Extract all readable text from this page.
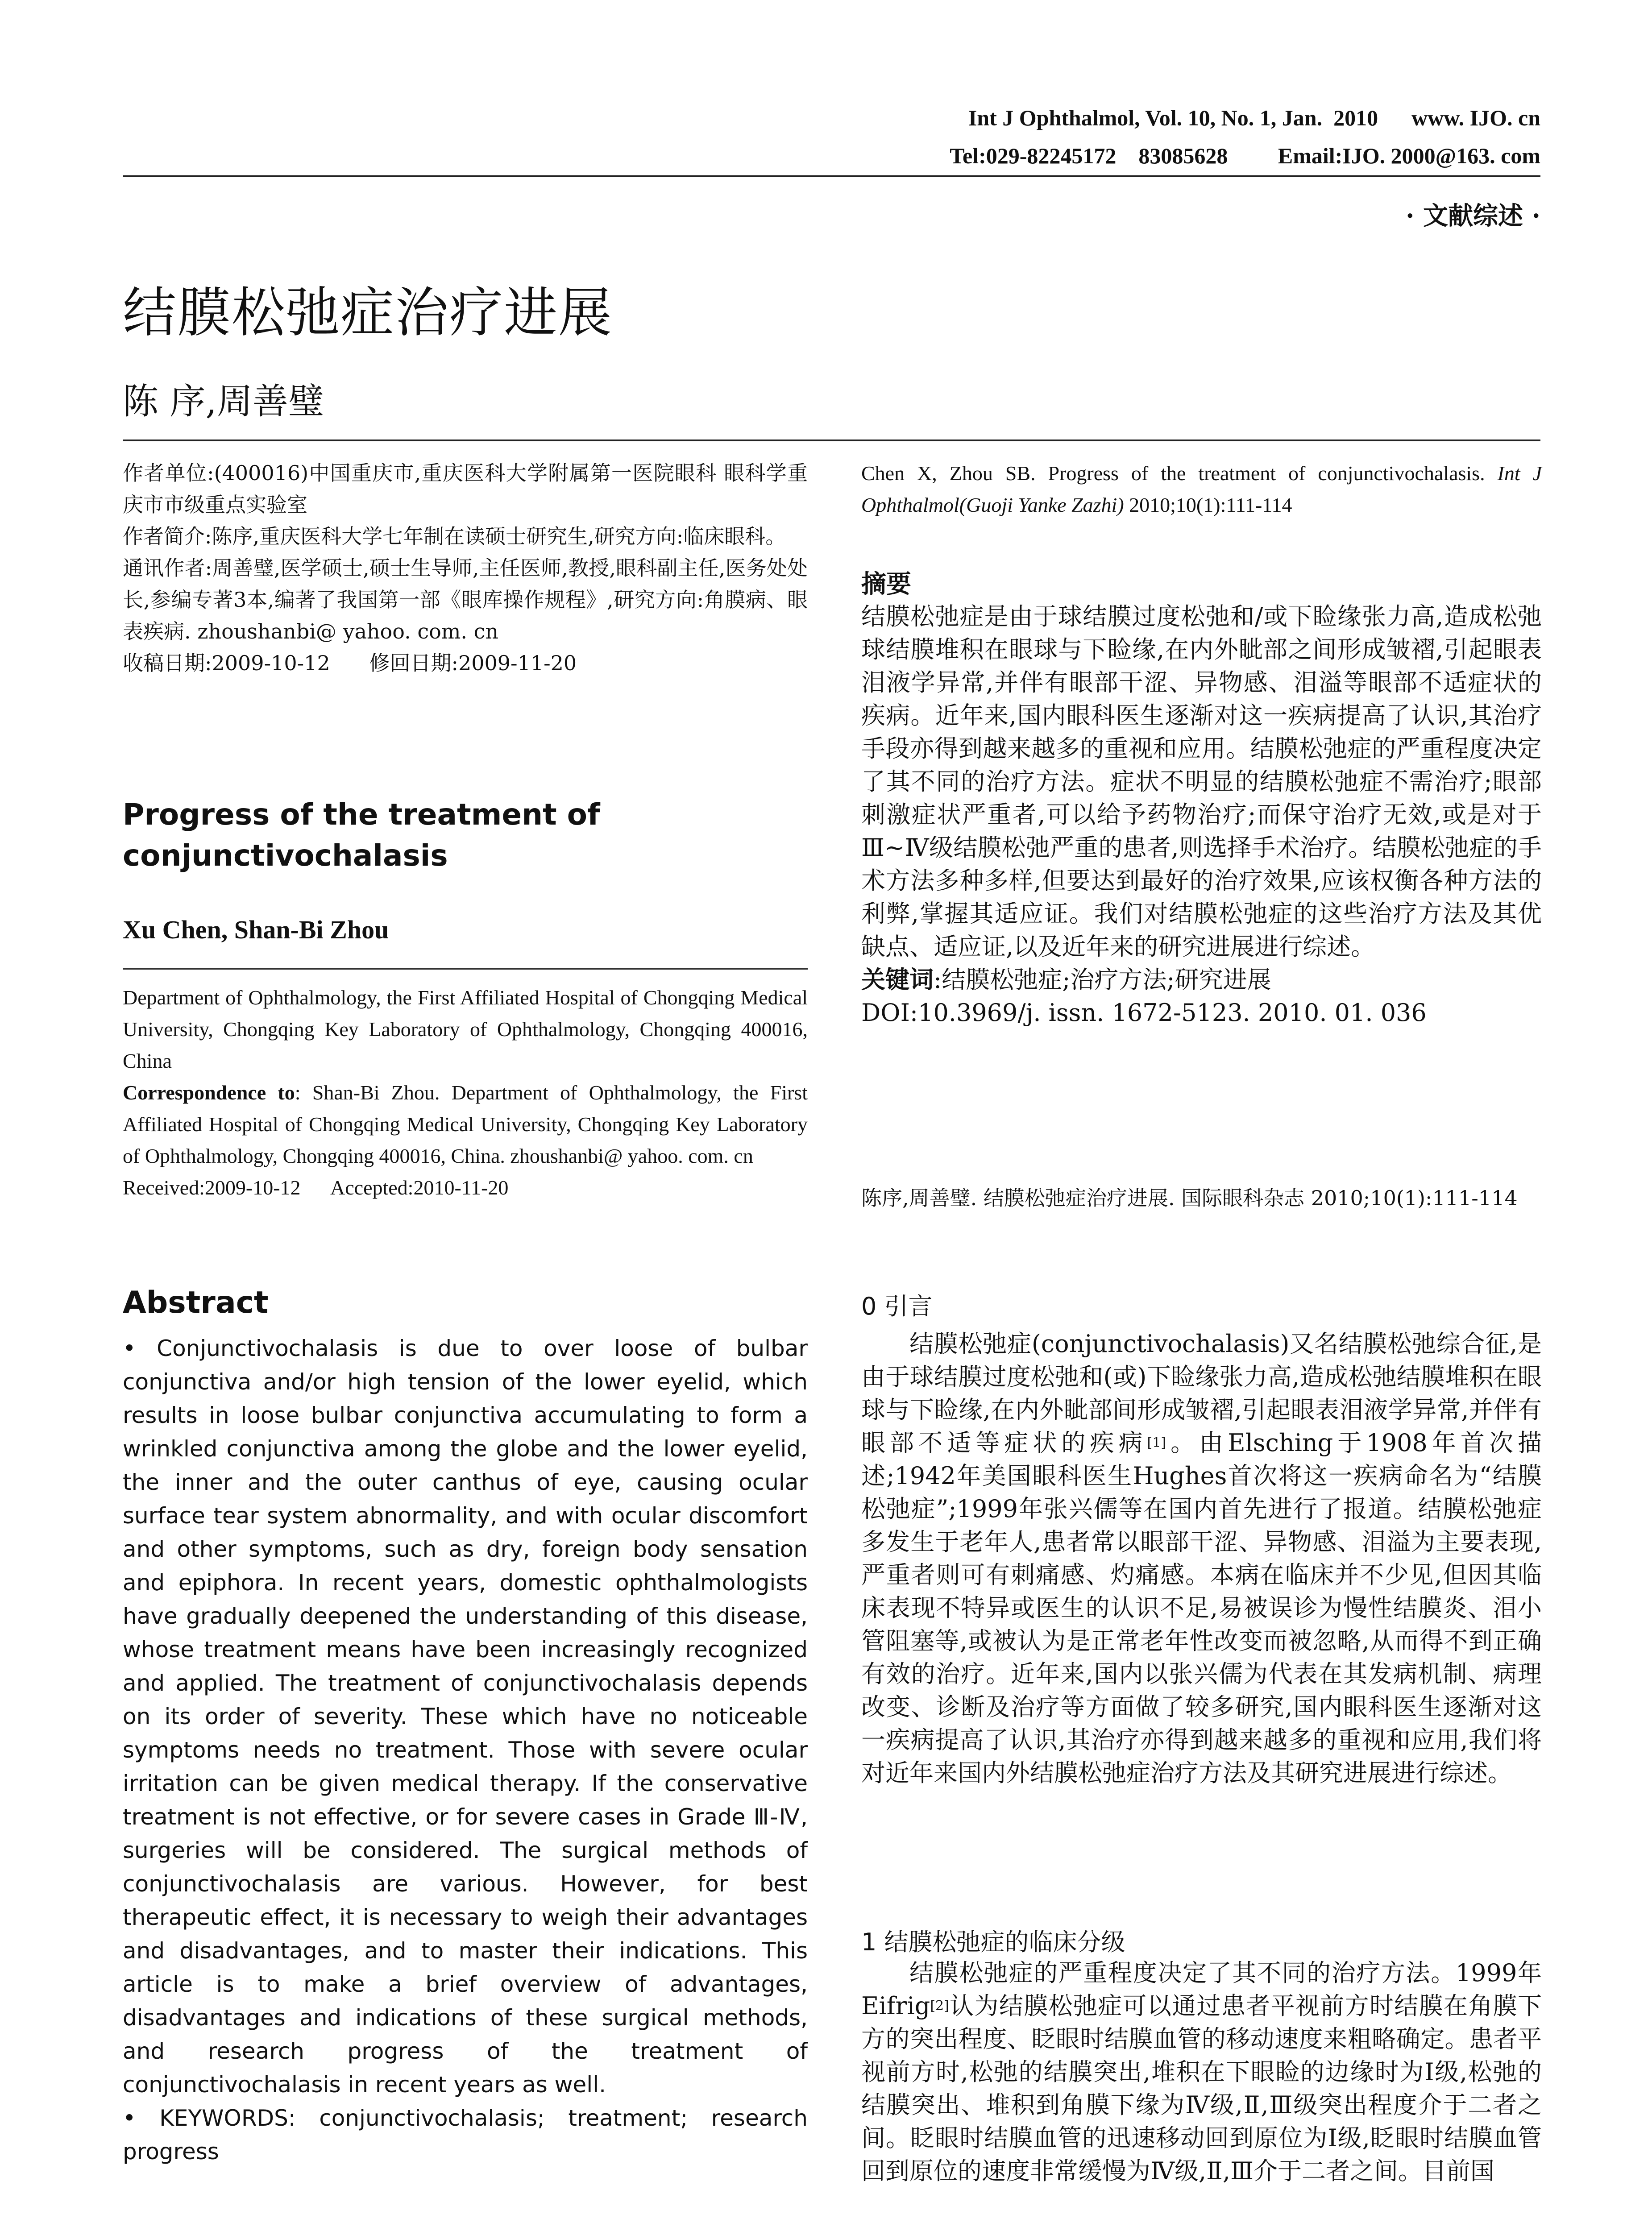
Int J Ophthalmol, Vol. 10, No. 1, Jan.  2010      www. IJO. cn
Tel:029-82245172    83085628         Email:IJO. 2000@163. com
· 文献综述 ·
结膜松弛症治疗进展
陈 序,周善璧
作者单位:(400016)中国重庆市,重庆医科大学附属第一医院眼科 眼科学重庆市市级重点实验室
作者简介:陈序,重庆医科大学七年制在读硕士研究生,研究方向:临床眼科。
通讯作者:周善璧,医学硕士,硕士生导师,主任医师,教授,眼科副主任,医务处处长,参编专著3本,编著了我国第一部《眼库操作规程》,研究方向:角膜病、眼表疾病. zhoushanbi@ yahoo. com. cn
收稿日期:2009-10-12      修回日期:2009-11-20
Progress of the treatment of conjunctivochalasis
Xu Chen, Shan-Bi Zhou
Department of Ophthalmology, the First Affiliated Hospital of Chongqing Medical University, Chongqing Key Laboratory of Ophthalmology, Chongqing 400016, China
Correspondence to: Shan-Bi Zhou. Department of Ophthalmology, the First Affiliated Hospital of Chongqing Medical University, Chongqing Key Laboratory of Ophthalmology, Chongqing 400016, China. zhoushanbi@ yahoo. com. cn
Received:2009-10-12      Accepted:2010-11-20
Abstract
• Conjunctivochalasis is due to over loose of bulbar conjunctiva and/or high tension of the lower eyelid, which results in loose bulbar conjunctiva accumulating to form a wrinkled conjunctiva among the globe and the lower eyelid, the inner and the outer canthus of eye, causing ocular surface tear system abnormality, and with ocular discomfort and other symptoms, such as dry, foreign body sensation and epiphora. In recent years, domestic ophthalmologists have gradually deepened the understanding of this disease, whose treatment means have been increasingly recognized and applied. The treatment of conjunctivochalasis depends on its order of severity. These which have no noticeable symptoms needs no treatment. Those with severe ocular irritation can be given medical therapy. If the conservative treatment is not effective, or for severe cases in Grade Ⅲ-Ⅳ, surgeries will be considered. The surgical methods of conjunctivochalasis are various. However, for best therapeutic effect, it is necessary to weigh their advantages and disadvantages, and to master their indications. This article is to make a brief overview of advantages, disadvantages and indications of these surgical methods, and research progress of the treatment of conjunctivochalasis in recent years as well.
• KEYWORDS: conjunctivochalasis; treatment; research progress
Chen X, Zhou SB. Progress of the treatment of conjunctivochalasis. Int J Ophthalmol(Guoji Yanke Zazhi) 2010;10(1):111-114
摘要
结膜松弛症是由于球结膜过度松弛和/或下睑缘张力高,造成松弛球结膜堆积在眼球与下睑缘,在内外眦部之间形成皱褶,引起眼表泪液学异常,并伴有眼部干涩、异物感、泪溢等眼部不适症状的疾病。近年来,国内眼科医生逐渐对这一疾病提高了认识,其治疗手段亦得到越来越多的重视和应用。结膜松弛症的严重程度决定了其不同的治疗方法。症状不明显的结膜松弛症不需治疗;眼部刺激症状严重者,可以给予药物治疗;而保守治疗无效,或是对于Ⅲ~Ⅳ级结膜松弛严重的患者,则选择手术治疗。结膜松弛症的手术方法多种多样,但要达到最好的治疗效果,应该权衡各种方法的利弊,掌握其适应证。我们对结膜松弛症的这些治疗方法及其优缺点、适应证,以及近年来的研究进展进行综述。
关键词:结膜松弛症;治疗方法;研究进展
DOI:10.3969/j. issn. 1672-5123. 2010. 01. 036
陈序,周善璧. 结膜松弛症治疗进展. 国际眼科杂志 2010;10(1):111-114
0 引言
结膜松弛症(conjunctivochalasis)又名结膜松弛综合征,是由于球结膜过度松弛和(或)下睑缘张力高,造成松弛结膜堆积在眼球与下睑缘,在内外眦部间形成皱褶,引起眼表泪液学异常,并伴有眼部不适等症状的疾病[1]。由Elsching于1908年首次描述;1942年美国眼科医生Hughes首次将这一疾病命名为“结膜松弛症”;1999年张兴儒等在国内首先进行了报道。结膜松弛症多发生于老年人,患者常以眼部干涩、异物感、泪溢为主要表现,严重者则可有刺痛感、灼痛感。本病在临床并不少见,但因其临床表现不特异或医生的认识不足,易被误诊为慢性结膜炎、泪小管阻塞等,或被认为是正常老年性改变而被忽略,从而得不到正确有效的治疗。近年来,国内以张兴儒为代表在其发病机制、病理改变、诊断及治疗等方面做了较多研究,国内眼科医生逐渐对这一疾病提高了认识,其治疗亦得到越来越多的重视和应用,我们将对近年来国内外结膜松弛症治疗方法及其研究进展进行综述。
1 结膜松弛症的临床分级
结膜松弛症的严重程度决定了其不同的治疗方法。1999年Eifrig[2]认为结膜松弛症可以通过患者平视前方时结膜在角膜下方的突出程度、眨眼时结膜血管的移动速度来粗略确定。患者平视前方时,松弛的结膜突出,堆积在下眼睑的边缘时为Ⅰ级,松弛的结膜突出、堆积到角膜下缘为Ⅳ级,Ⅱ,Ⅲ级突出程度介于二者之间。眨眼时结膜血管的迅速移动回到原位为Ⅰ级,眨眼时结膜血管回到原位的速度非常缓慢为Ⅳ级,Ⅱ,Ⅲ介于二者之间。目前国
